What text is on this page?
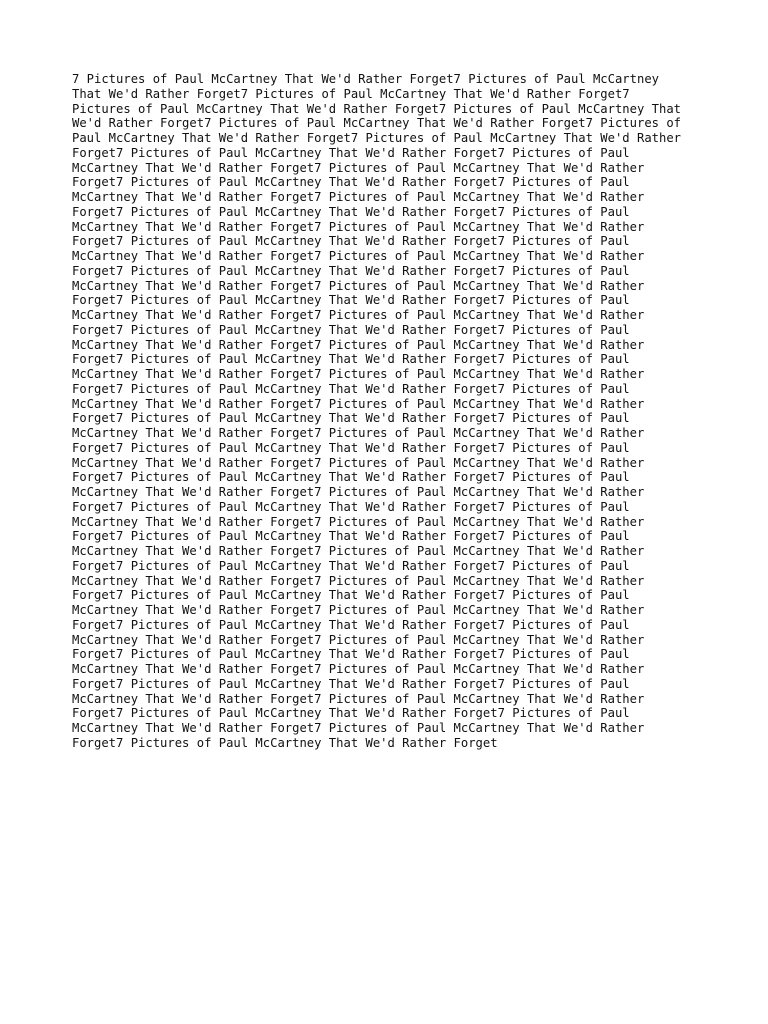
7 Pictures of Paul McCartney That We'd Rather Forget7 Pictures of Paul McCartney
That We'd Rather Forget7 Pictures of Paul McCartney That We'd Rather Forget7
Pictures of Paul McCartney That We'd Rather Forget7 Pictures of Paul McCartney That
We'd Rather Forget7 Pictures of Paul McCartney That We'd Rather Forget7 Pictures of
Paul McCartney That We'd Rather Forget7 Pictures of Paul McCartney That We'd Rather
Forget7 Pictures of Paul McCartney That We'd Rather Forget7 Pictures of Paul
McCartney That We'd Rather Forget7 Pictures of Paul McCartney That We'd Rather
Forget7 Pictures of Paul McCartney That We'd Rather Forget7 Pictures of Paul
McCartney That We'd Rather Forget7 Pictures of Paul McCartney That We'd Rather
Forget7 Pictures of Paul McCartney That We'd Rather Forget7 Pictures of Paul
McCartney That We'd Rather Forget7 Pictures of Paul McCartney That We'd Rather
Forget7 Pictures of Paul McCartney That We'd Rather Forget7 Pictures of Paul
McCartney That We'd Rather Forget7 Pictures of Paul McCartney That We'd Rather
Forget7 Pictures of Paul McCartney That We'd Rather Forget7 Pictures of Paul
McCartney That We'd Rather Forget7 Pictures of Paul McCartney That We'd Rather
Forget7 Pictures of Paul McCartney That We'd Rather Forget7 Pictures of Paul
McCartney That We'd Rather Forget7 Pictures of Paul McCartney That We'd Rather
Forget7 Pictures of Paul McCartney That We'd Rather Forget7 Pictures of Paul
McCartney That We'd Rather Forget7 Pictures of Paul McCartney That We'd Rather
Forget7 Pictures of Paul McCartney That We'd Rather Forget7 Pictures of Paul
McCartney That We'd Rather Forget7 Pictures of Paul McCartney That We'd Rather
Forget7 Pictures of Paul McCartney That We'd Rather Forget7 Pictures of Paul
McCartney That We'd Rather Forget7 Pictures of Paul McCartney That We'd Rather
Forget7 Pictures of Paul McCartney That We'd Rather Forget7 Pictures of Paul
McCartney That We'd Rather Forget7 Pictures of Paul McCartney That We'd Rather
Forget7 Pictures of Paul McCartney That We'd Rather Forget7 Pictures of Paul
McCartney That We'd Rather Forget7 Pictures of Paul McCartney That We'd Rather
Forget7 Pictures of Paul McCartney That We'd Rather Forget7 Pictures of Paul
McCartney That We'd Rather Forget7 Pictures of Paul McCartney That We'd Rather
Forget7 Pictures of Paul McCartney That We'd Rather Forget7 Pictures of Paul
McCartney That We'd Rather Forget7 Pictures of Paul McCartney That We'd Rather
Forget7 Pictures of Paul McCartney That We'd Rather Forget7 Pictures of Paul
McCartney That We'd Rather Forget7 Pictures of Paul McCartney That We'd Rather
Forget7 Pictures of Paul McCartney That We'd Rather Forget7 Pictures of Paul
McCartney That We'd Rather Forget7 Pictures of Paul McCartney That We'd Rather
Forget7 Pictures of Paul McCartney That We'd Rather Forget7 Pictures of Paul
McCartney That We'd Rather Forget7 Pictures of Paul McCartney That We'd Rather
Forget7 Pictures of Paul McCartney That We'd Rather Forget7 Pictures of Paul
McCartney That We'd Rather Forget7 Pictures of Paul McCartney That We'd Rather
Forget7 Pictures of Paul McCartney That We'd Rather Forget7 Pictures of Paul
McCartney That We'd Rather Forget7 Pictures of Paul McCartney That We'd Rather
Forget7 Pictures of Paul McCartney That We'd Rather Forget7 Pictures of Paul
McCartney That We'd Rather Forget7 Pictures of Paul McCartney That We'd Rather
Forget7 Pictures of Paul McCartney That We'd Rather Forget7 Pictures of Paul
McCartney That We'd Rather Forget7 Pictures of Paul McCartney That We'd Rather
Forget7 Pictures of Paul McCartney That We'd Rather Forget
